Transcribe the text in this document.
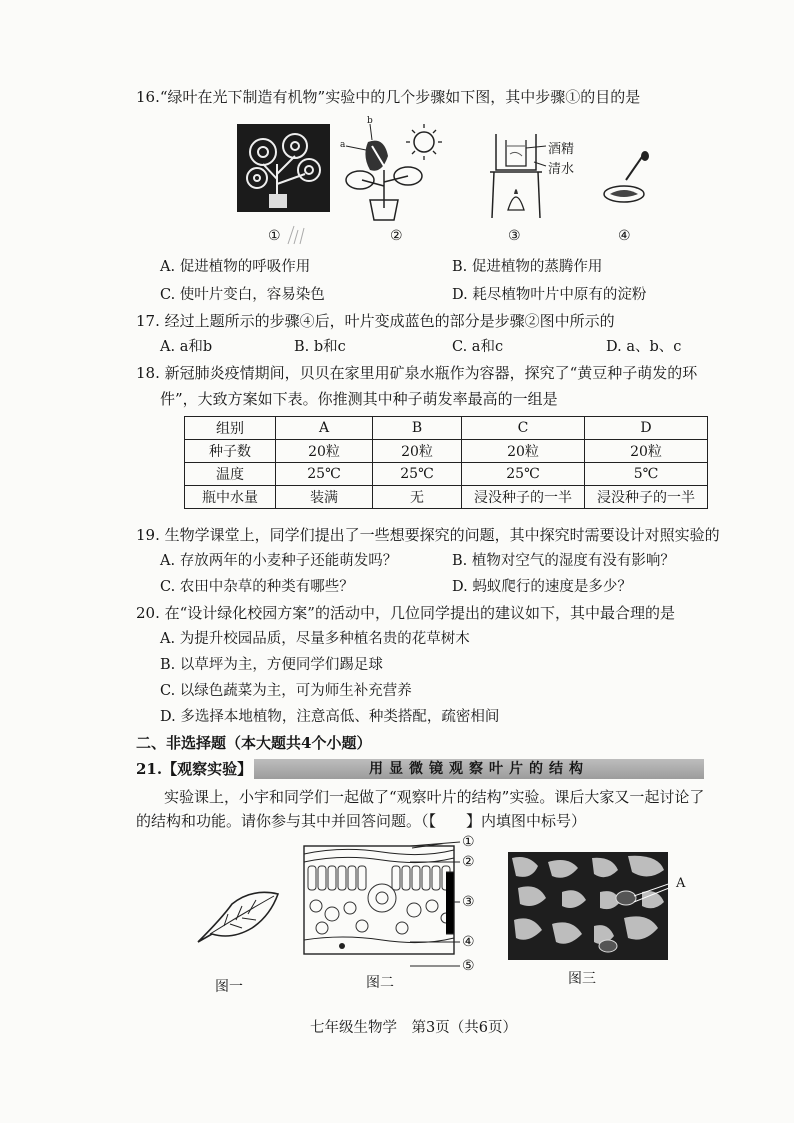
16.“绿叶在光下制造有机物”实验中的几个步骤如下图，其中步骤①的目的是
①
b
a
②
酒精
清水
③	④
A. 促进植物的呼吸作用	B. 促进植物的蒸腾作用
C. 使叶片变白，容易染色	D. 耗尽植物叶片中原有的淀粉
17. 经过上题所示的步骤④后，叶片变成蓝色的部分是步骤②图中所示的
A. a和b	B. b和c	C. a和c	D. a、b、c
18. 新冠肺炎疫情期间，贝贝在家里用矿泉水瓶作为容器，探究了“黄豆种子萌发的环
件”，大致方案如下表。你推测其中种子萌发率最高的一组是
组别	A	B	C	D
种子数	20粒	20粒	20粒	20粒
温度	25℃	25℃	25℃	5℃
瓶中水量	装满	无	浸没种子的一半	浸没种子的一半
19. 生物学课堂上，同学们提出了一些想要探究的问题，其中探究时需要设计对照实验的
A. 存放两年的小麦种子还能萌发吗？	B. 植物对空气的湿度有没有影响？
C. 农田中杂草的种类有哪些？	D. 蚂蚁爬行的速度是多少？
20. 在“设计绿化校园方案”的活动中，几位同学提出的建议如下，其中最合理的是
A. 为提升校园品质，尽量多种植名贵的花草树木
B. 以草坪为主，方便同学们踢足球
C. 以绿色蔬菜为主，可为师生补充营养
D. 多选择本地植物，注意高低、种类搭配，疏密相间
二、非选择题（本大题共4个小题）
21.【观察实验】	用显微镜观察叶片的结构
实验课上，小宇和同学们一起做了“观察叶片的结构”实验。课后大家又一起讨论了
的结构和功能。请你参与其中并回答问题。（【　　】内填图中标号）
图一
①
②
③
④
⑤
图二
A
图三
七年级生物学　第3页（共6页）
